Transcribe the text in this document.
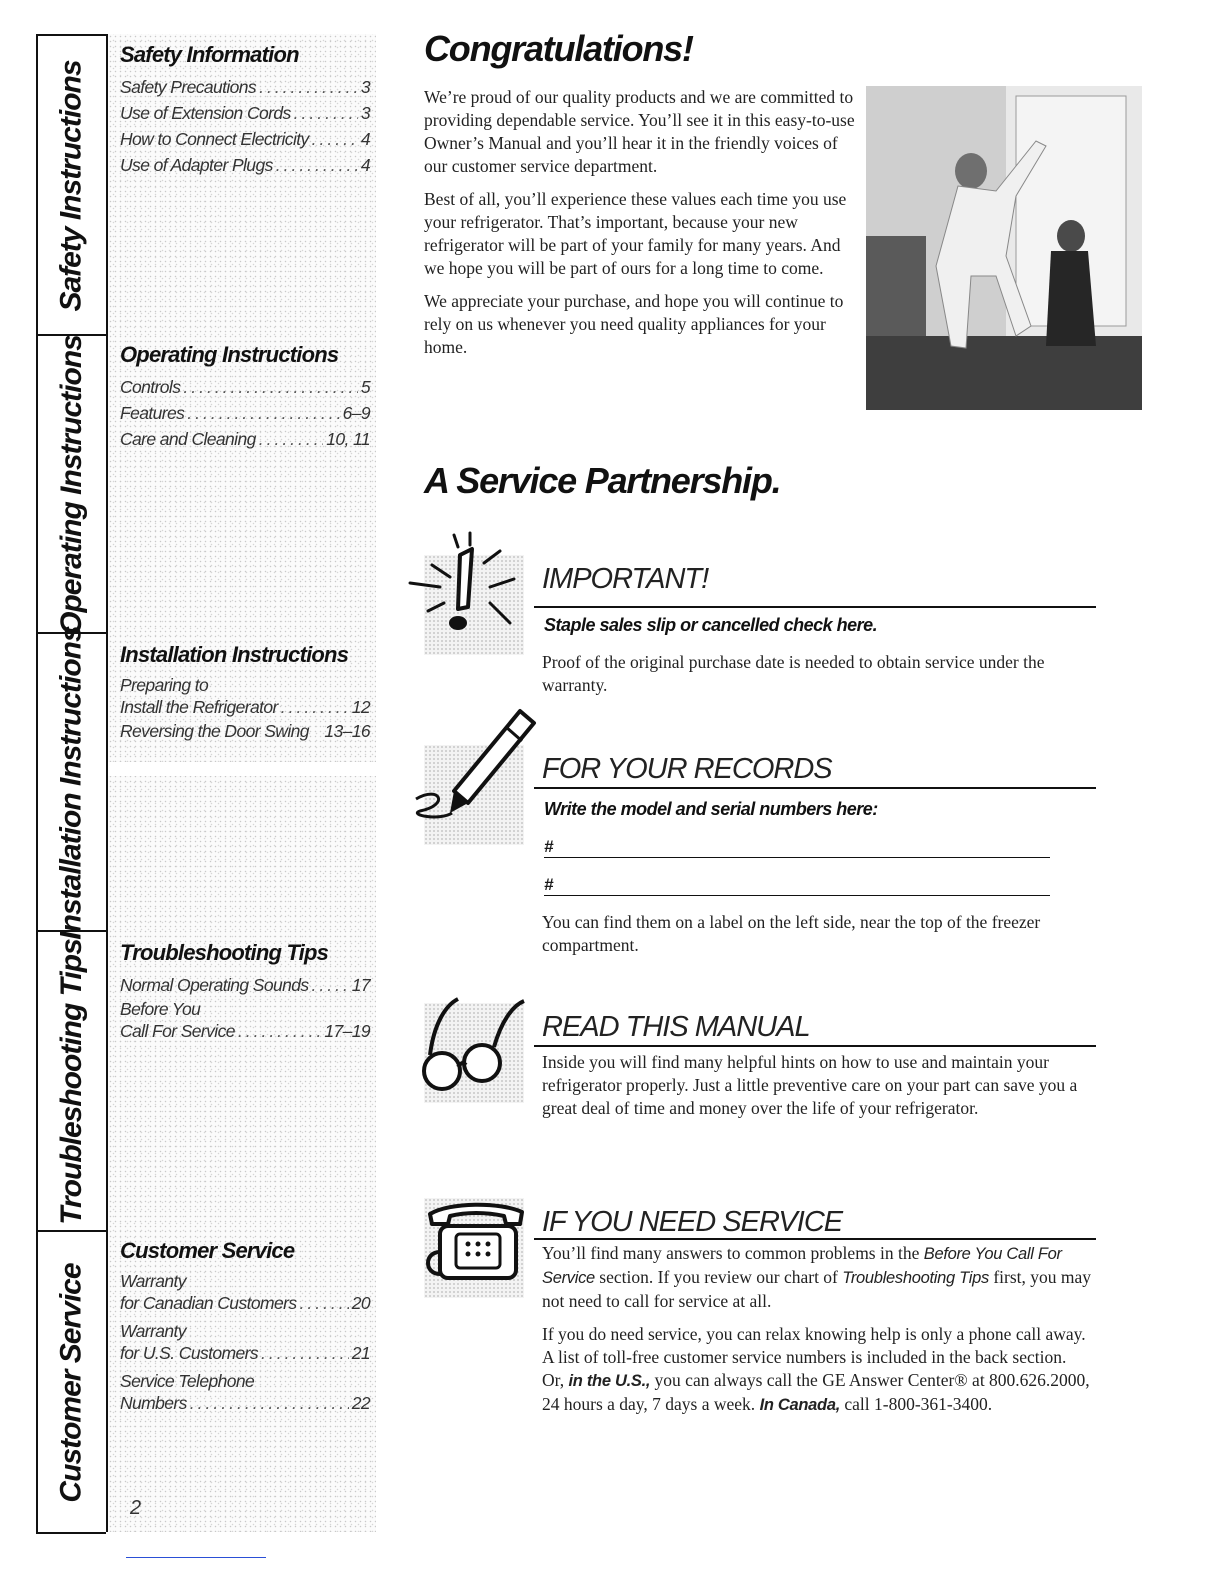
Safety Instructions
Operating Instructions
Installation Instructions
Troubleshooting Tips
Customer Service
Safety Information
Safety Precautions .....	3
Use of Extension Cords .....	3
How to Connect Electricity .....	4
Use of Adapter Plugs .....	4
Operating Instructions
Controls .....	5
Features .....	6–9
Care and Cleaning .....	10, 11
Installation Instructions
Preparing to
Install the Refrigerator .....	12
Reversing the Door Swing 13–16
Troubleshooting Tips
Normal Operating Sounds ..... 17
Before You
Call For Service .....	17–19
Customer Service
Warranty
for Canadian Customers .....	20
Warranty
for U.S. Customers .....	21
Service Telephone
Numbers .....	22
2
Congratulations!

We’re proud of our quality products and we are committed to providing dependable service. You’ll see it in this easy-to-use Owner’s Manual and you’ll hear it in the friendly voices of our customer service department.

Best of all, you’ll experience these values each time you use your refrigerator. That’s important, because your new refrigerator will be part of your family for many years. And we hope you will be part of ours for a long time to come.

We appreciate your purchase, and hope you will continue to rely on us whenever you need quality appliances for your home.

A Service Partnership.
IMPORTANT!
Staple sales slip or cancelled check here.

Proof of the original purchase date is needed to obtain service under the warranty.

FOR YOUR RECORDS
Write the model and serial numbers here:
#
#

You can find them on a label on the left side, near the top of the freezer compartment.

READ THIS MANUAL

Inside you will find many helpful hints on how to use and maintain your refrigerator properly. Just a little preventive care on your part can save you a great deal of time and money over the life of your refrigerator.

IF YOU NEED SERVICE

You’ll find many answers to common problems in the Before You Call For Service section. If you review our chart of Troubleshooting Tips first, you may not need to call for service at all.

If you do need service, you can relax knowing help is only a phone call away. A list of toll-free customer service numbers is included in the back section. Or, in the U.S., you can always call the GE Answer Center® at 800.626.2000, 24 hours a day, 7 days a week. In Canada, call 1-800-361-3400.
